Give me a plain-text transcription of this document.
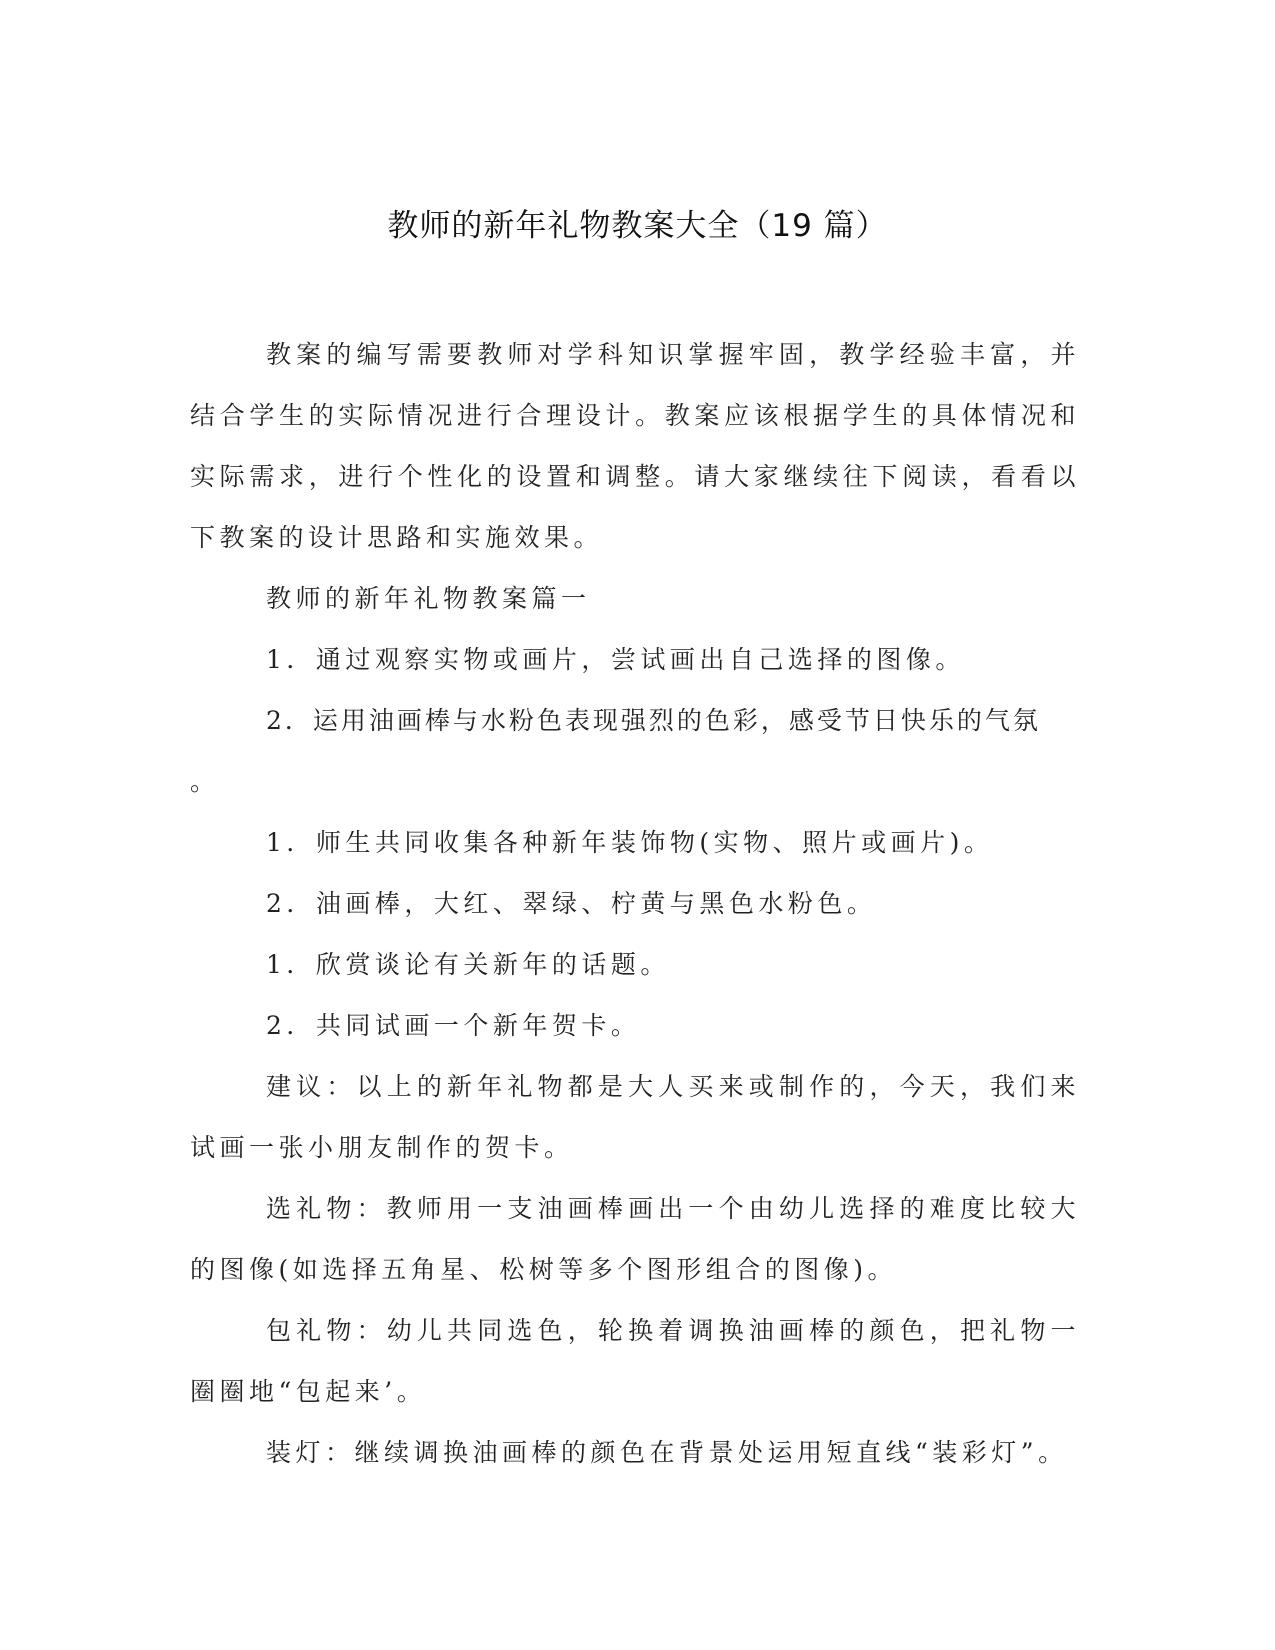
教师的新年礼物教案大全（19 篇）

教案的编写需要教师对学科知识掌握牢固，教学经验丰富，并结合学生的实际情况进行合理设计。教案应该根据学生的具体情况和实际需求，进行个性化的设置和调整。请大家继续往下阅读，看看以下教案的设计思路和实施效果。

教师的新年礼物教案篇一

1．通过观察实物或画片，尝试画出自己选择的图像。

2．运用油画棒与水粉色表现强烈的色彩，感受节日快乐的气氛

。

1．师生共同收集各种新年装饰物(实物、照片或画片)。

2．油画棒，大红、翠绿、柠黄与黑色水粉色。

1．欣赏谈论有关新年的话题。

2．共同试画一个新年贺卡。

建议：以上的新年礼物都是大人买来或制作的，今天，我们来试画一张小朋友制作的贺卡。

选礼物：教师用一支油画棒画出一个由幼儿选择的难度比较大的图像(如选择五角星、松树等多个图形组合的图像)。

包礼物：幼儿共同选色，轮换着调换油画棒的颜色，把礼物一圈圈地“包起来’。

装灯：继续调换油画棒的颜色在背景处运用短直线“装彩灯”。
